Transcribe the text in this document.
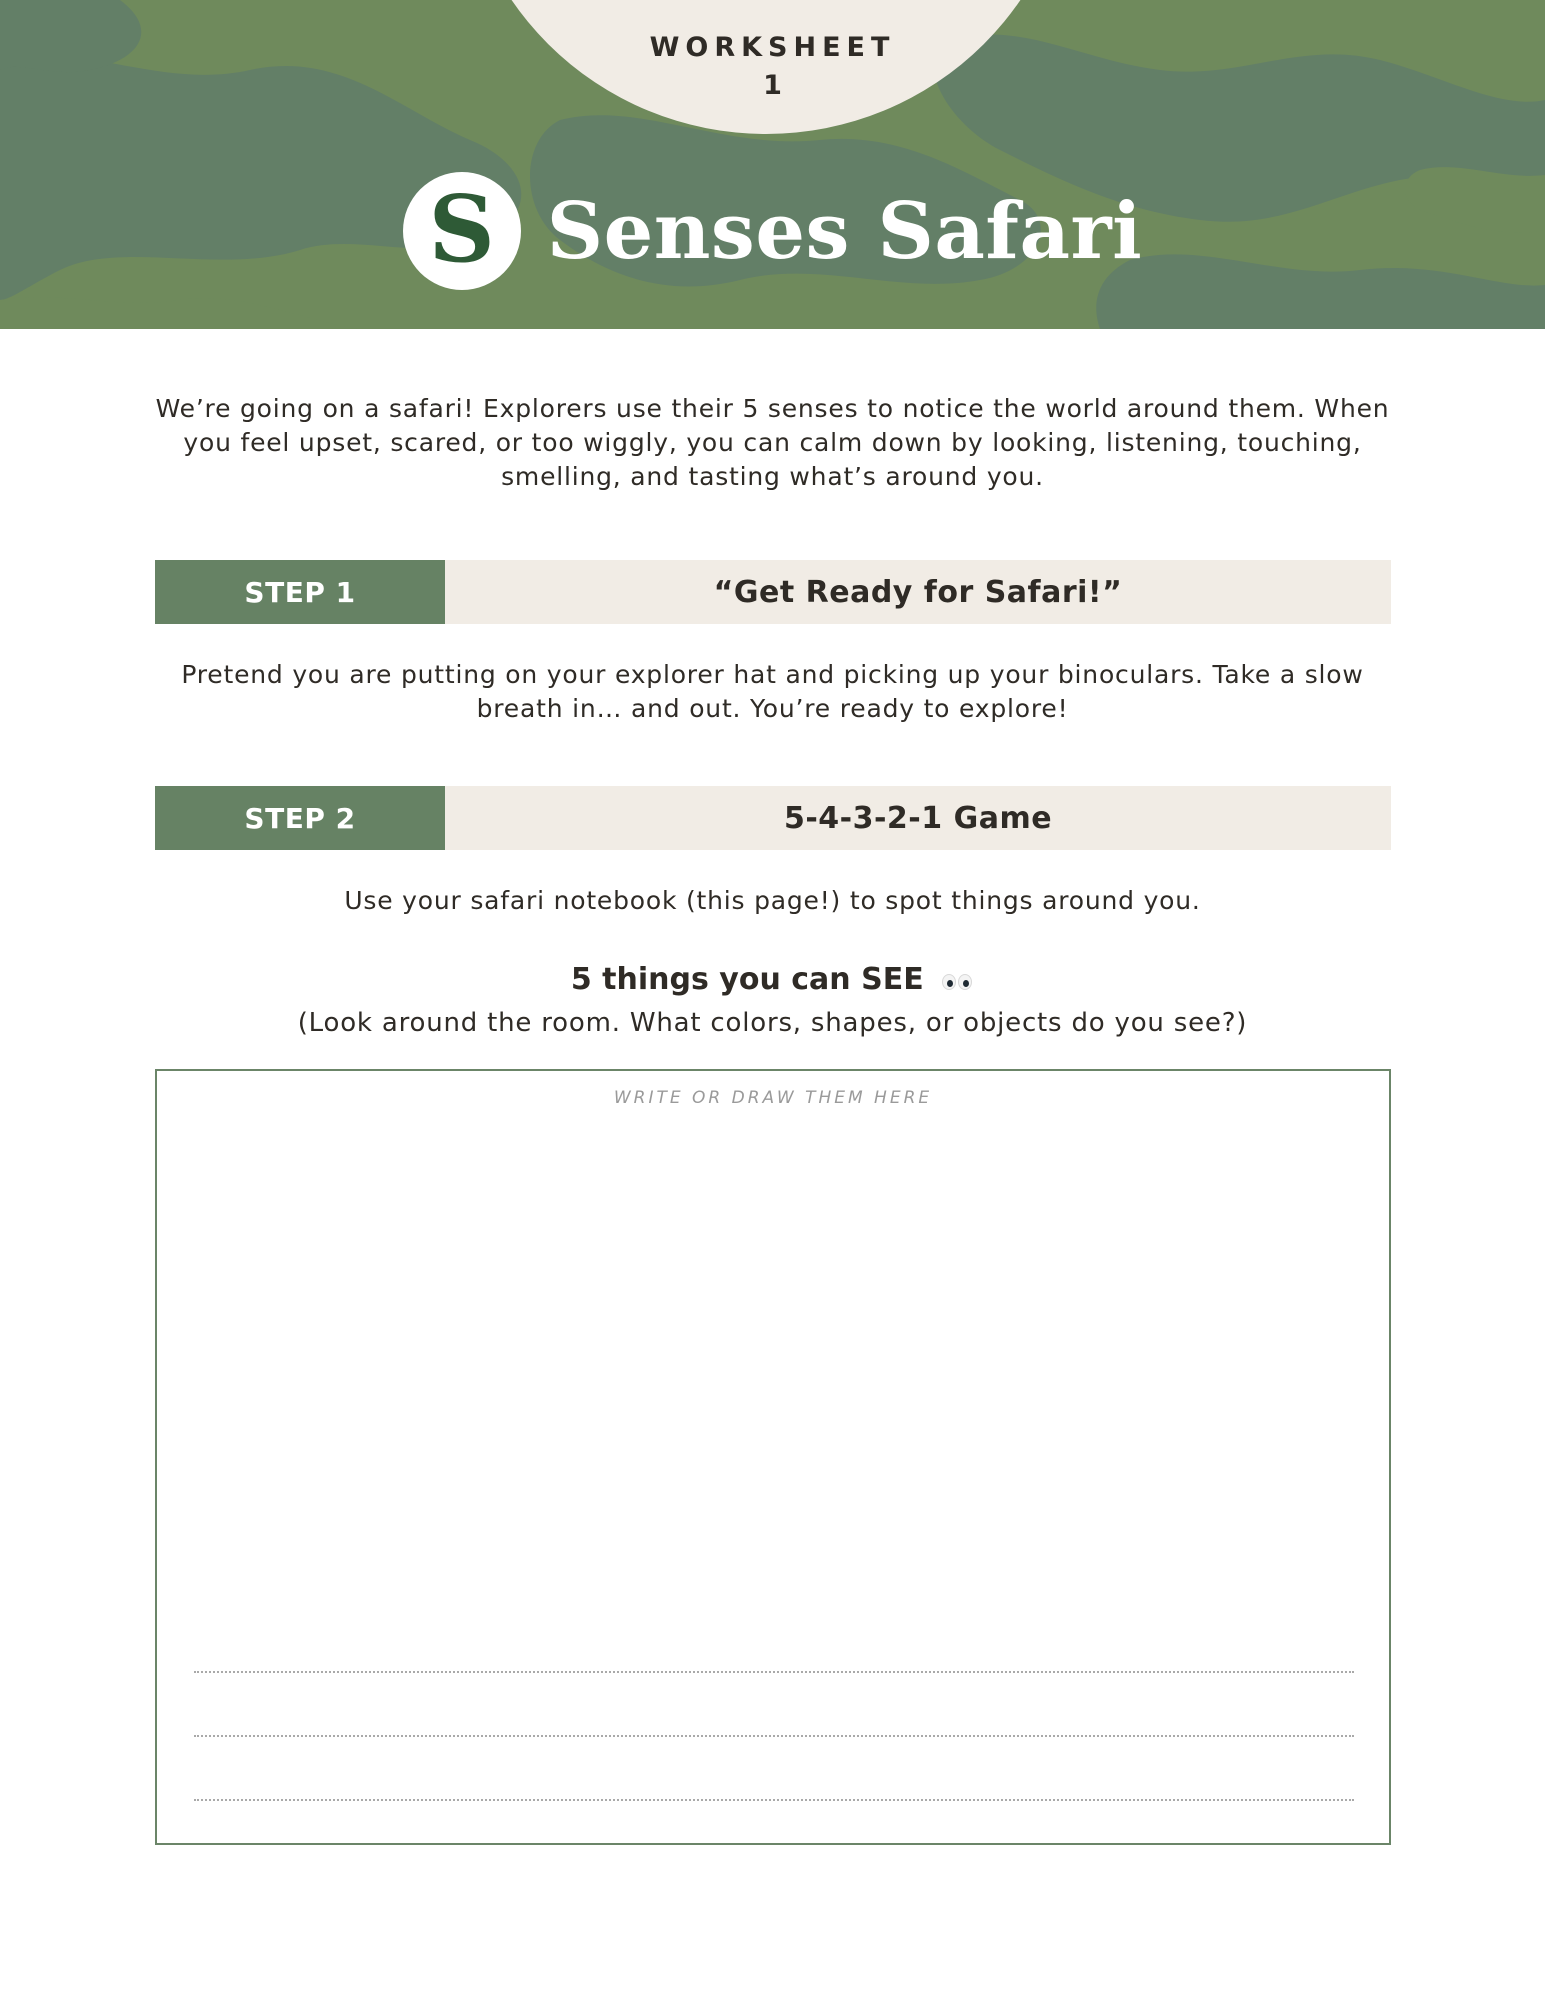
WORKSHEET
1
S Senses Safari

We’re going on a safari! Explorers use their 5 senses to notice the world around them. When you feel upset, scared, or too wiggly, you can calm down by looking, listening, touching, smelling, and tasting what’s around you.

STEP 1	“Get Ready for Safari!”

Pretend you are putting on your explorer hat and picking up your binoculars. Take a slow breath in… and out. You’re ready to explore!

STEP 2	5-4-3-2-1 Game

Use your safari notebook (this page!) to spot things around you.

5 things you can SEE
(Look around the room. What colors, shapes, or objects do you see?)
WRITE OR DRAW THEM HERE
